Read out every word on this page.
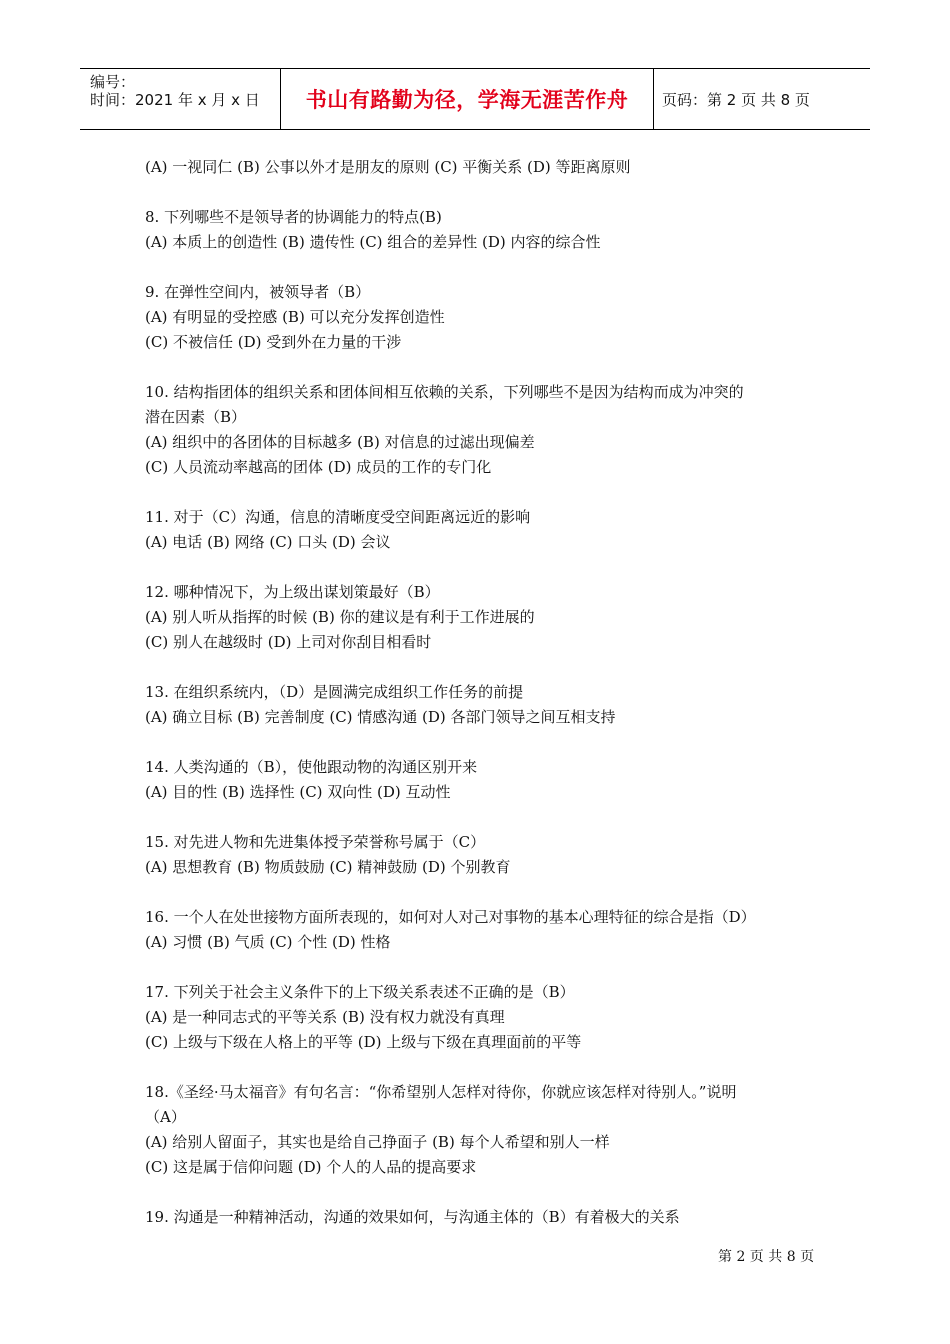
编号：
时间：2021 年 x 月 x 日	书山有路勤为径，学海无涯苦作舟	页码：第 2 页 共 8 页
(A) 一视同仁 (B) 公事以外才是朋友的原则 (C) 平衡关系 (D) 等距离原则
8. 下列哪些不是领导者的协调能力的特点(B)
(A) 本质上的创造性 (B) 遗传性 (C) 组合的差异性 (D) 内容的综合性
9. 在弹性空间内，被领导者（B）
(A) 有明显的受控感 (B) 可以充分发挥创造性
(C) 不被信任 (D) 受到外在力量的干涉
10. 结构指团体的组织关系和团体间相互依赖的关系，下列哪些不是因为结构而成为冲突的
潜在因素（B）
(A) 组织中的各团体的目标越多 (B) 对信息的过滤出现偏差
(C) 人员流动率越高的团体 (D) 成员的工作的专门化
11. 对于（C）沟通，信息的清晰度受空间距离远近的影响
(A) 电话 (B) 网络 (C) 口头 (D) 会议
12. 哪种情况下，为上级出谋划策最好（B）
(A) 别人听从指挥的时候 (B) 你的建议是有利于工作进展的
(C) 别人在越级时 (D) 上司对你刮目相看时
13. 在组织系统内，（D）是圆满完成组织工作任务的前提
(A) 确立目标 (B) 完善制度 (C) 情感沟通 (D) 各部门领导之间互相支持
14. 人类沟通的（B），使他跟动物的沟通区别开来
(A) 目的性 (B) 选择性 (C) 双向性 (D) 互动性
15. 对先进人物和先进集体授予荣誉称号属于（C）
(A) 思想教育 (B) 物质鼓励 (C) 精神鼓励 (D) 个别教育
16. 一个人在处世接物方面所表现的，如何对人对己对事物的基本心理特征的综合是指（D）
(A) 习惯 (B) 气质 (C) 个性 (D) 性格
17. 下列关于社会主义条件下的上下级关系表述不正确的是（B）
(A) 是一种同志式的平等关系 (B) 没有权力就没有真理
(C) 上级与下级在人格上的平等 (D) 上级与下级在真理面前的平等
18.《圣经·马太福音》有句名言：“你希望别人怎样对待你，你就应该怎样对待别人。”说明
（A）
(A) 给别人留面子，其实也是给自己挣面子 (B) 每个人希望和别人一样
(C) 这是属于信仰问题 (D) 个人的人品的提高要求
19. 沟通是一种精神活动，沟通的效果如何，与沟通主体的（B）有着极大的关系
第 2 页 共 8 页
